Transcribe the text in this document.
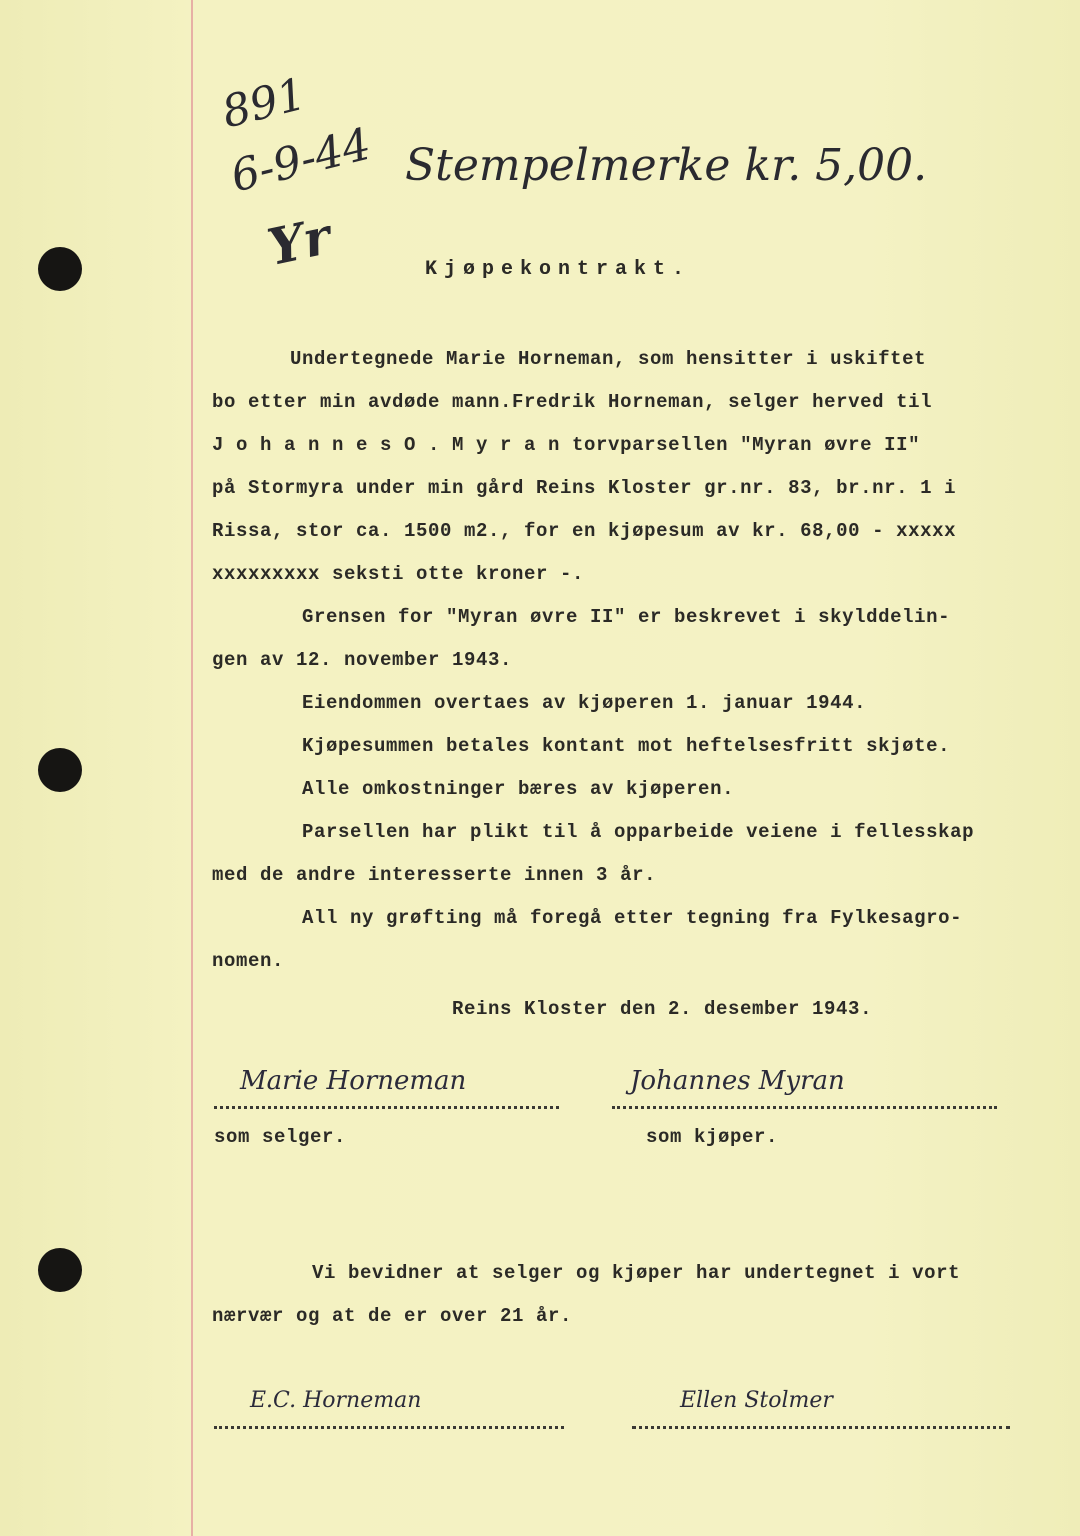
891
6-9-44
Yr
Stempelmerke kr. 5,00.
Kjøpekontrakt.
Undertegnede Marie Horneman, som hensitter i uskiftet
bo etter min avdøde mann.Fredrik Horneman, selger herved til
J o h a n n e s O . M y r a n torvparsellen "Myran øvre II"
på Stormyra under min gård Reins Kloster gr.nr. 83, br.nr. 1 i
Rissa, stor ca. 1500 m2., for en kjøpesum av kr. 68,00 - xxxxx
xxxxxxxxx seksti otte kroner -.
Grensen for "Myran øvre II" er beskrevet i skylddelin-
gen av 12. november 1943.
Eiendommen overtaes av kjøperen 1. januar 1944.
Kjøpesummen betales kontant mot heftelsesfritt skjøte.
Alle omkostninger bæres av kjøperen.
Parsellen har plikt til å opparbeide veiene i fellesskap
med de andre interesserte innen 3 år.
All ny grøfting må foregå etter tegning fra Fylkesagro-
nomen.
Reins Kloster den 2. desember 1943.
Marie Horneman	Johannes Myran
som selger.	som kjøper.
Vi bevidner at selger og kjøper har undertegnet i vort
nærvær og at de er over 21 år.
E.C. Horneman	Ellen Stolmer
